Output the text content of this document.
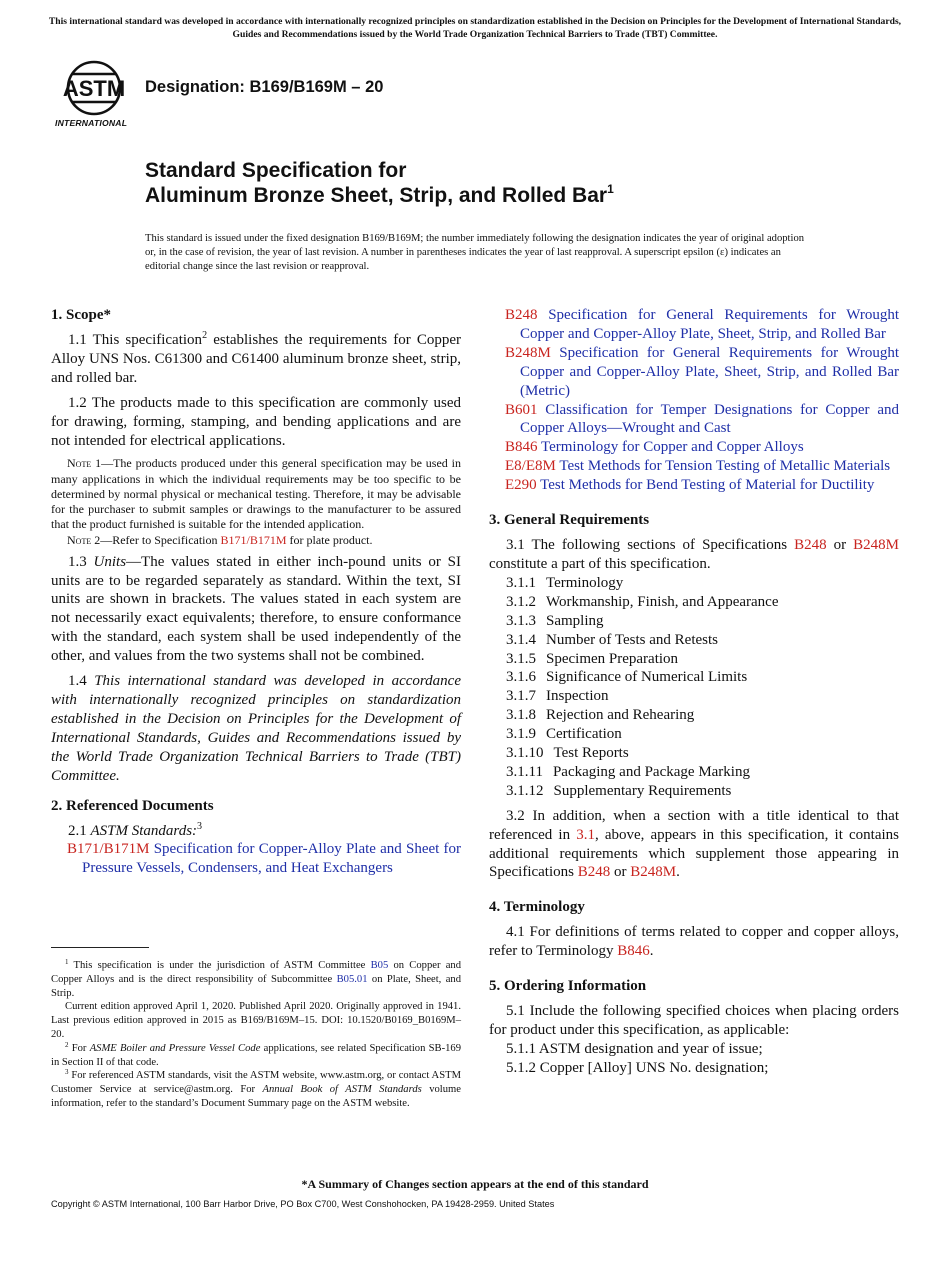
This international standard was developed in accordance with internationally recognized principles on standardization established in the Decision on Principles for the Development of International Standards, Guides and Recommendations issued by the World Trade Organization Technical Barriers to Trade (TBT) Committee.
ASTM
INTERNATIONAL
Designation: B169/B169M – 20
Standard Specification for
Aluminum Bronze Sheet, Strip, and Rolled Bar$^1$
This standard is issued under the fixed designation B169/B169M; the number immediately following the designation indicates the year of original adoption or, in the case of revision, the year of last revision. A number in parentheses indicates the year of last reapproval. A superscript epsilon (ε) indicates an editorial change since the last revision or reapproval.
1. Scope*

1.1 This specification$^2$ establishes the requirements for Copper Alloy UNS Nos. C61300 and C61400 aluminum bronze sheet, strip, and rolled bar.

1.2 The products made to this specification are commonly used for drawing, forming, stamping, and bending applications and are not intended for electrical applications.

Note 1—The products produced under this general specification may be used in many applications in which the individual requirements may be too specific to be determined by normal physical or mechanical testing. Therefore, it may be advisable for the purchaser to submit samples or drawings to the manufacturer to be assured that the product furnished is suitable for the intended application.

Note 2—Refer to Specification B171/B171M for plate product.

1.3 Units—The values stated in either inch-pound units or SI units are to be regarded separately as standard. Within the text, SI units are shown in brackets. The values stated in each system are not necessarily exact equivalents; therefore, to ensure conformance with the standard, each system shall be used independently of the other, and values from the two systems shall not be combined.

1.4 This international standard was developed in accordance with internationally recognized principles on standardization established in the Decision on Principles for the Development of International Standards, Guides and Recommendations issued by the World Trade Organization Technical Barriers to Trade (TBT) Committee.

2. Referenced Documents

2.1 ASTM Standards:$^3$

B171/B171M Specification for Copper-Alloy Plate and Sheet for Pressure Vessels, Condensers, and Heat Exchangers

B248 Specification for General Requirements for Wrought Copper and Copper-Alloy Plate, Sheet, Strip, and Rolled Bar

B248M Specification for General Requirements for Wrought Copper and Copper-Alloy Plate, Sheet, Strip, and Rolled Bar (Metric)

B601 Classification for Temper Designations for Copper and Copper Alloys—Wrought and Cast

B846 Terminology for Copper and Copper Alloys

E8/E8M Test Methods for Tension Testing of Metallic Materials

E290 Test Methods for Bend Testing of Material for Ductility

3. General Requirements

3.1 The following sections of Specifications B248 or B248M constitute a part of this specification.

3.1.1 Terminology

3.1.2 Workmanship, Finish, and Appearance

3.1.3 Sampling

3.1.4 Number of Tests and Retests

3.1.5 Specimen Preparation

3.1.6 Significance of Numerical Limits

3.1.7 Inspection

3.1.8 Rejection and Rehearing

3.1.9 Certification

3.1.10 Test Reports

3.1.11 Packaging and Package Marking

3.1.12 Supplementary Requirements

3.2 In addition, when a section with a title identical to that referenced in 3.1, above, appears in this specification, it contains additional requirements which supplement those appearing in Specifications B248 or B248M.

4. Terminology

4.1 For definitions of terms related to copper and copper alloys, refer to Terminology B846.

5. Ordering Information

5.1 Include the following specified choices when placing orders for product under this specification, as applicable:

5.1.1 ASTM designation and year of issue;

5.1.2 Copper [Alloy] UNS No. designation;

$^1$ This specification is under the jurisdiction of ASTM Committee B05 on Copper and Copper Alloys and is the direct responsibility of Subcommittee B05.01 on Plate, Sheet, and Strip.

Current edition approved April 1, 2020. Published April 2020. Originally approved in 1941. Last previous edition approved in 2015 as B169/B169M–15. DOI: 10.1520/B0169_B0169M–20.

$^2$ For ASME Boiler and Pressure Vessel Code applications, see related Specification SB-169 in Section II of that code.

$^3$ For referenced ASTM standards, visit the ASTM website, www.astm.org, or contact ASTM Customer Service at service@astm.org. For Annual Book of ASTM Standards volume information, refer to the standard’s Document Summary page on the ASTM website.

*A Summary of Changes section appears at the end of this standard
Copyright © ASTM International, 100 Barr Harbor Drive, PO Box C700, West Conshohocken, PA 19428-2959. United States
